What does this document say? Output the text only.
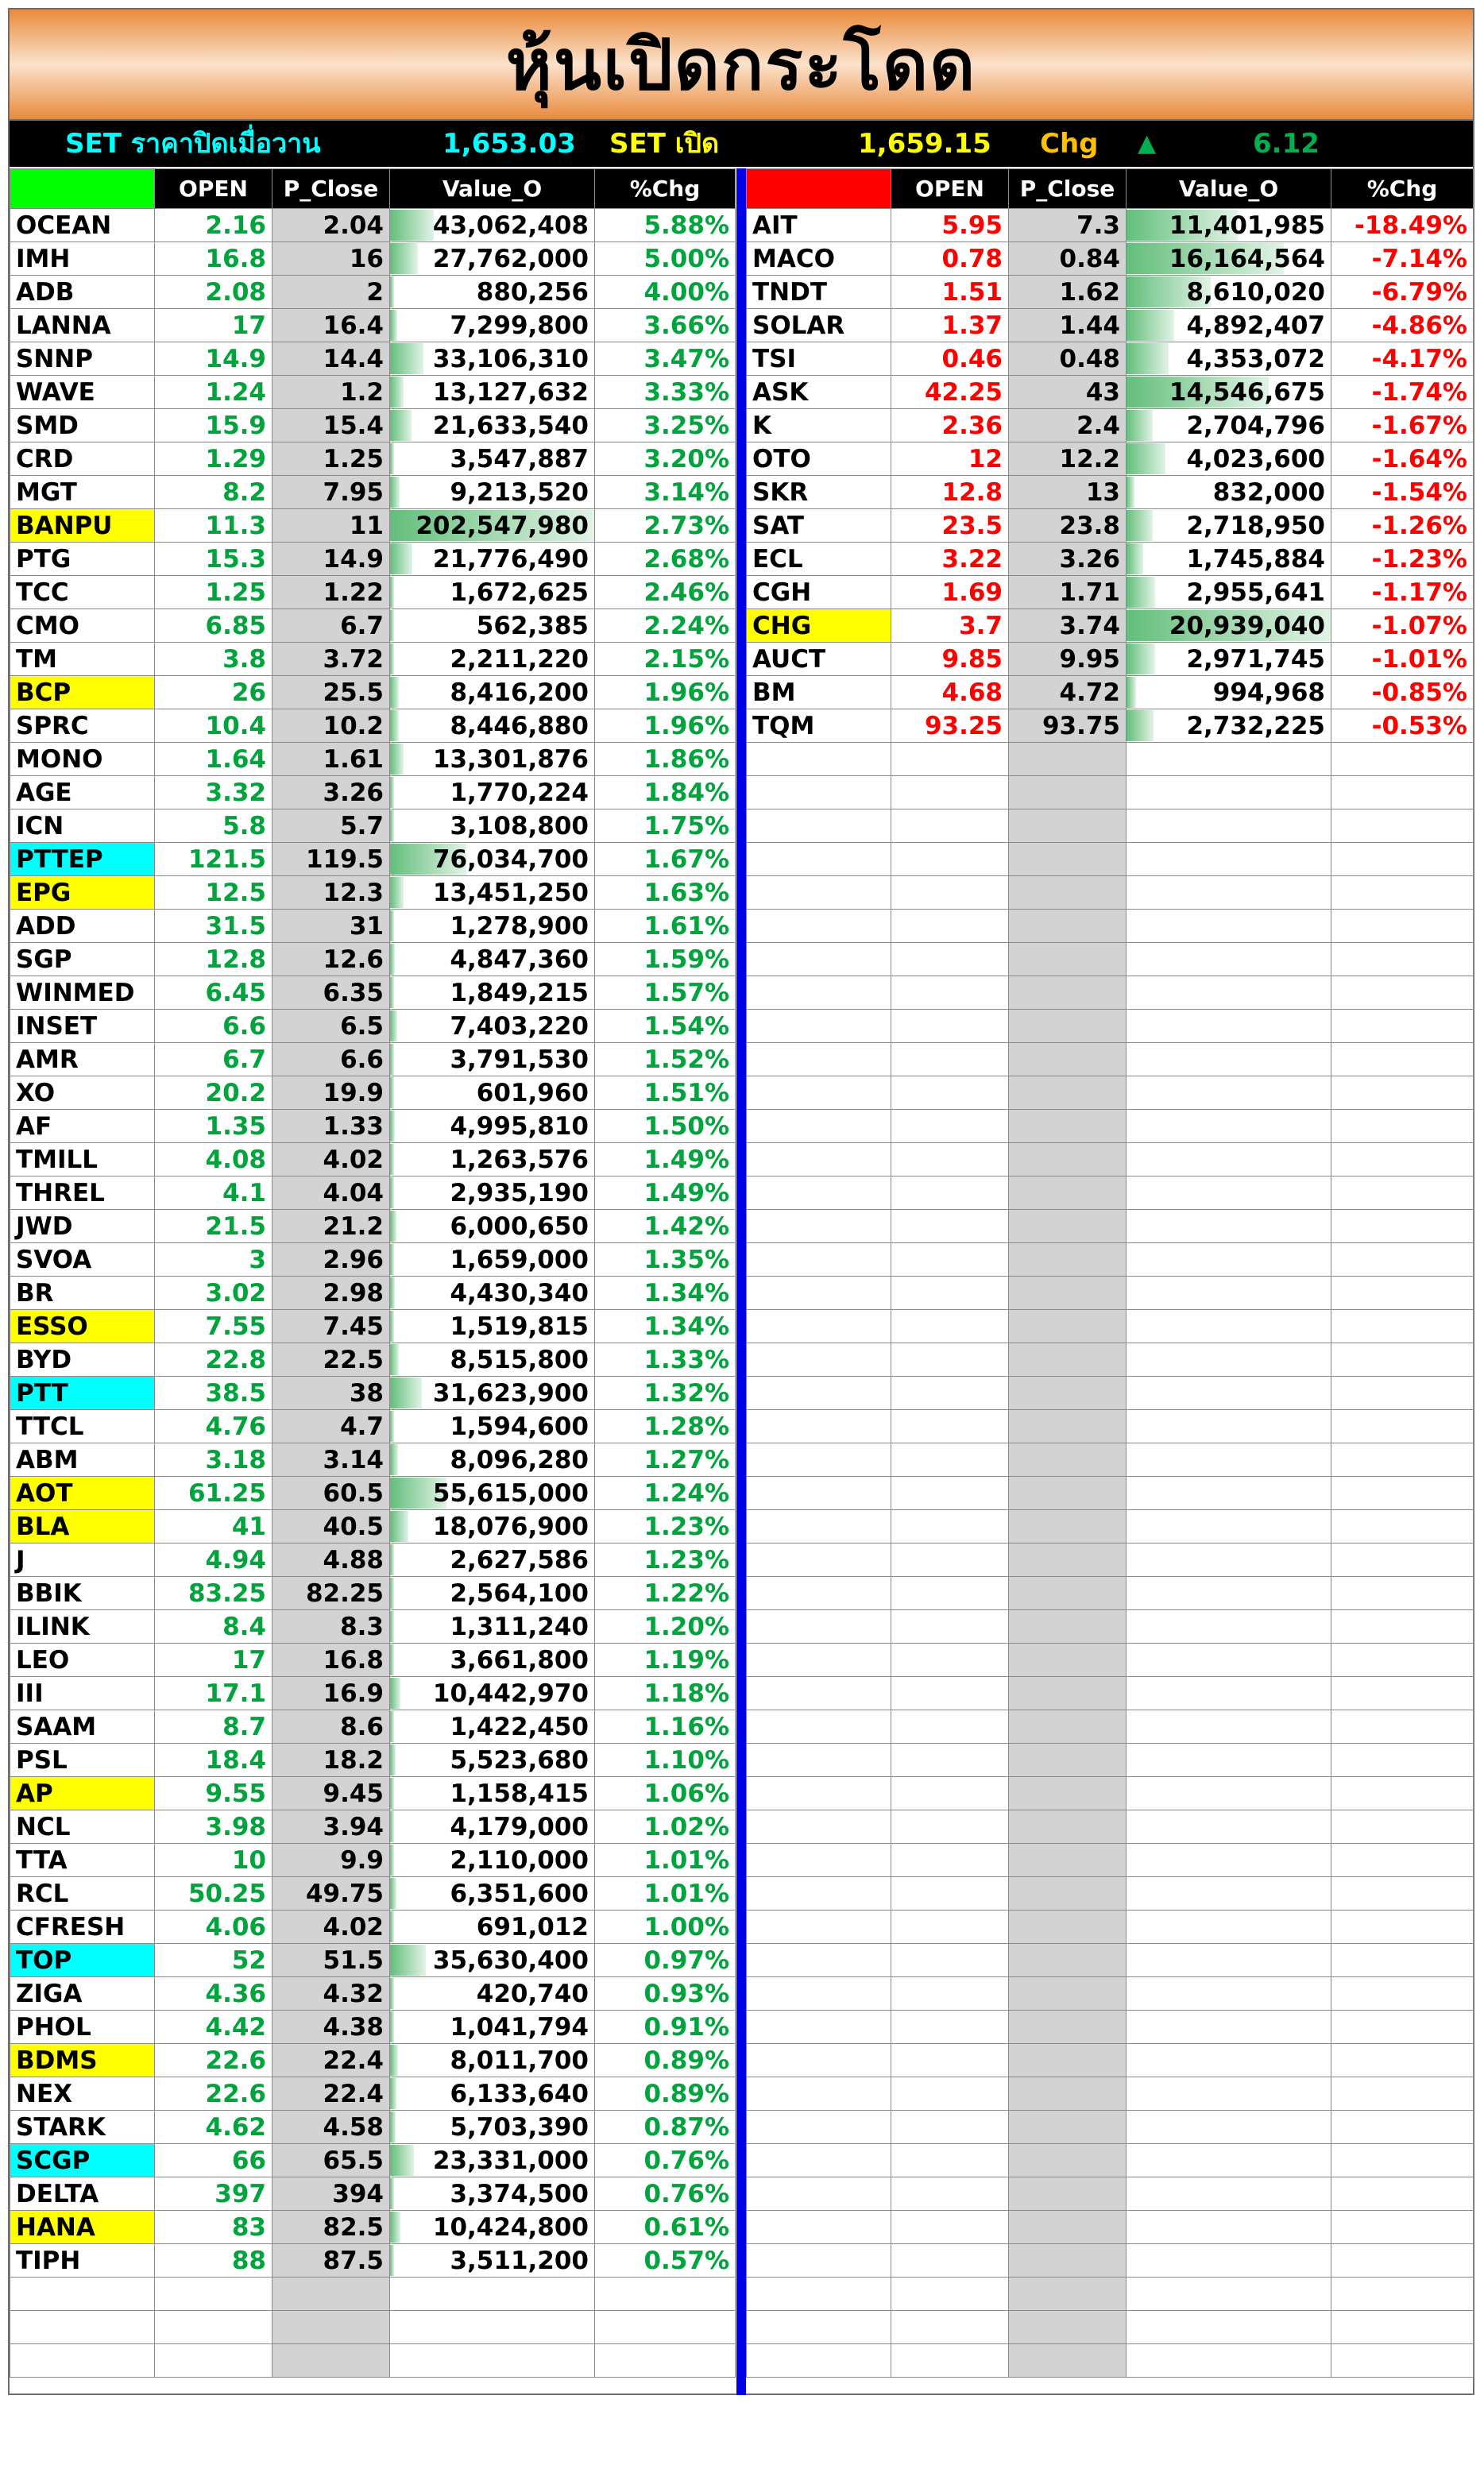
หุ้นเปิดกระโดด
SET ราคาปิดเมื่อวาน	1,653.03 SET เปิด	1,659.15 Chg ▲	6.12
	OPEN	P_Close	Value_O	%Chg
OCEAN	2.16	2.04	43,062,408	5.88%
IMH	16.8	16	27,762,000	5.00%
ADB	2.08	2	880,256	4.00%
LANNA	17	16.4	7,299,800	3.66%
SNNP	14.9	14.4	33,106,310	3.47%
WAVE	1.24	1.2	13,127,632	3.33%
SMD	15.9	15.4	21,633,540	3.25%
CRD	1.29	1.25	3,547,887	3.20%
MGT	8.2	7.95	9,213,520	3.14%
BANPU	11.3	11	202,547,980	2.73%
PTG	15.3	14.9	21,776,490	2.68%
TCC	1.25	1.22	1,672,625	2.46%
CMO	6.85	6.7	562,385	2.24%
TM	3.8	3.72	2,211,220	2.15%
BCP	26	25.5	8,416,200	1.96%
SPRC	10.4	10.2	8,446,880	1.96%
MONO	1.64	1.61	13,301,876	1.86%
AGE	3.32	3.26	1,770,224	1.84%
ICN	5.8	5.7	3,108,800	1.75%
PTTEP	121.5	119.5	76,034,700	1.67%
EPG	12.5	12.3	13,451,250	1.63%
ADD	31.5	31	1,278,900	1.61%
SGP	12.8	12.6	4,847,360	1.59%
WINMED	6.45	6.35	1,849,215	1.57%
INSET	6.6	6.5	7,403,220	1.54%
AMR	6.7	6.6	3,791,530	1.52%
XO	20.2	19.9	601,960	1.51%
AF	1.35	1.33	4,995,810	1.50%
TMILL	4.08	4.02	1,263,576	1.49%
THREL	4.1	4.04	2,935,190	1.49%
JWD	21.5	21.2	6,000,650	1.42%
SVOA	3	2.96	1,659,000	1.35%
BR	3.02	2.98	4,430,340	1.34%
ESSO	7.55	7.45	1,519,815	1.34%
BYD	22.8	22.5	8,515,800	1.33%
PTT	38.5	38	31,623,900	1.32%
TTCL	4.76	4.7	1,594,600	1.28%
ABM	3.18	3.14	8,096,280	1.27%
AOT	61.25	60.5	55,615,000	1.24%
BLA	41	40.5	18,076,900	1.23%
J	4.94	4.88	2,627,586	1.23%
BBIK	83.25	82.25	2,564,100	1.22%
ILINK	8.4	8.3	1,311,240	1.20%
LEO	17	16.8	3,661,800	1.19%
III	17.1	16.9	10,442,970	1.18%
SAAM	8.7	8.6	1,422,450	1.16%
PSL	18.4	18.2	5,523,680	1.10%
AP	9.55	9.45	1,158,415	1.06%
NCL	3.98	3.94	4,179,000	1.02%
TTA	10	9.9	2,110,000	1.01%
RCL	50.25	49.75	6,351,600	1.01%
CFRESH	4.06	4.02	691,012	1.00%
TOP	52	51.5	35,630,400	0.97%
ZIGA	4.36	4.32	420,740	0.93%
PHOL	4.42	4.38	1,041,794	0.91%
BDMS	22.6	22.4	8,011,700	0.89%
NEX	22.6	22.4	6,133,640	0.89%
STARK	4.62	4.58	5,703,390	0.87%
SCGP	66	65.5	23,331,000	0.76%
DELTA	397	394	3,374,500	0.76%
HANA	83	82.5	10,424,800	0.61%
TIPH	88	87.5	3,511,200	0.57%

	OPEN	P_Close	Value_O	%Chg
AIT	5.95	7.3	11,401,985	-18.49%
MACO	0.78	0.84	16,164,564	-7.14%
TNDT	1.51	1.62	8,610,020	-6.79%
SOLAR	1.37	1.44	4,892,407	-4.86%
TSI	0.46	0.48	4,353,072	-4.17%
ASK	42.25	43	14,546,675	-1.74%
K	2.36	2.4	2,704,796	-1.67%
OTO	12	12.2	4,023,600	-1.64%
SKR	12.8	13	832,000	-1.54%
SAT	23.5	23.8	2,718,950	-1.26%
ECL	3.22	3.26	1,745,884	-1.23%
CGH	1.69	1.71	2,955,641	-1.17%
CHG	3.7	3.74	20,939,040	-1.07%
AUCT	9.85	9.95	2,971,745	-1.01%
BM	4.68	4.72	994,968	-0.85%
TQM	93.25	93.75	2,732,225	-0.53%
